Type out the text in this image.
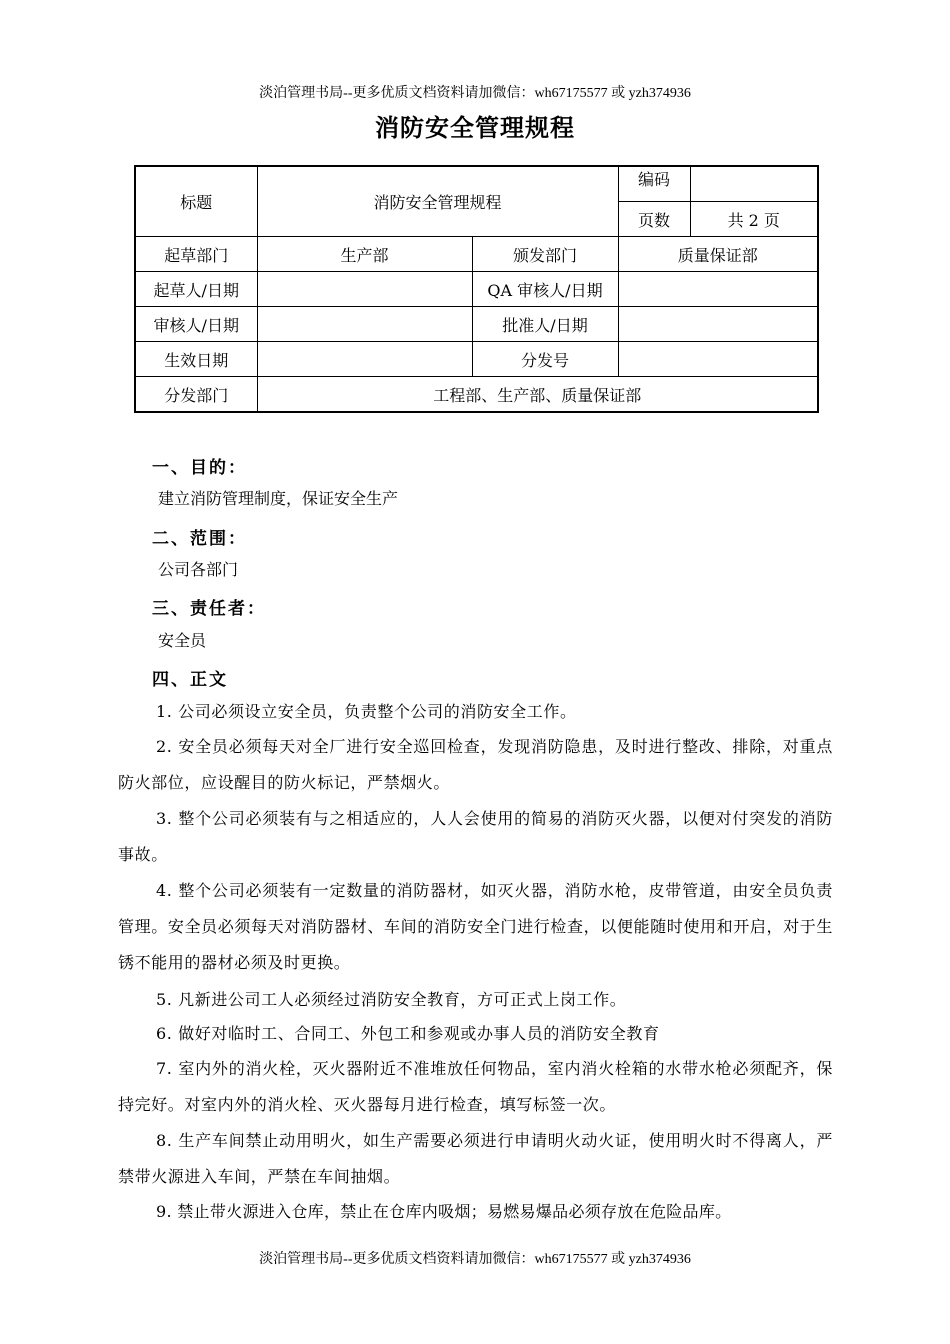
淡泊管理书局--更多优质文档资料请加微信：wh67175577 或 yzh374936
消防安全管理规程
标题	消防安全管理规程		编码	
			页数	共 2 页
起草部门	生产部	颁发部门	质量保证部	
起草人/日期		QA 审核人/日期		
审核人/日期		批准人/日期		
生效日期		分发号		
分发部门	工程部、生产部、质量保证部			
一、目的：
建立消防管理制度，保证安全生产
二、范围：
公司各部门
三、责任者：
安全员
四、正文
1. 公司必须设立安全员，负责整个公司的消防安全工作。
2. 安全员必须每天对全厂进行安全巡回检查，发现消防隐患，及时进行整改、排除，对重点防火部位，应设醒目的防火标记，严禁烟火。
3. 整个公司必须装有与之相适应的，人人会使用的简易的消防灭火器，以便对付突发的消防事故。
4. 整个公司必须装有一定数量的消防器材，如灭火器，消防水枪，皮带管道，由安全员负责管理。安全员必须每天对消防器材、车间的消防安全门进行检查，以便能随时使用和开启，对于生锈不能用的器材必须及时更换。
5. 凡新进公司工人必须经过消防安全教育，方可正式上岗工作。
6. 做好对临时工、合同工、外包工和参观或办事人员的消防安全教育
7. 室内外的消火栓，灭火器附近不准堆放任何物品，室内消火栓箱的水带水枪必须配齐，保持完好。对室内外的消火栓、灭火器每月进行检查，填写标签一次。
8. 生产车间禁止动用明火，如生产需要必须进行申请明火动火证，使用明火时不得离人，严禁带火源进入车间，严禁在车间抽烟。
9. 禁止带火源进入仓库，禁止在仓库内吸烟；易燃易爆品必须存放在危险品库。
淡泊管理书局--更多优质文档资料请加微信：wh67175577 或 yzh374936
